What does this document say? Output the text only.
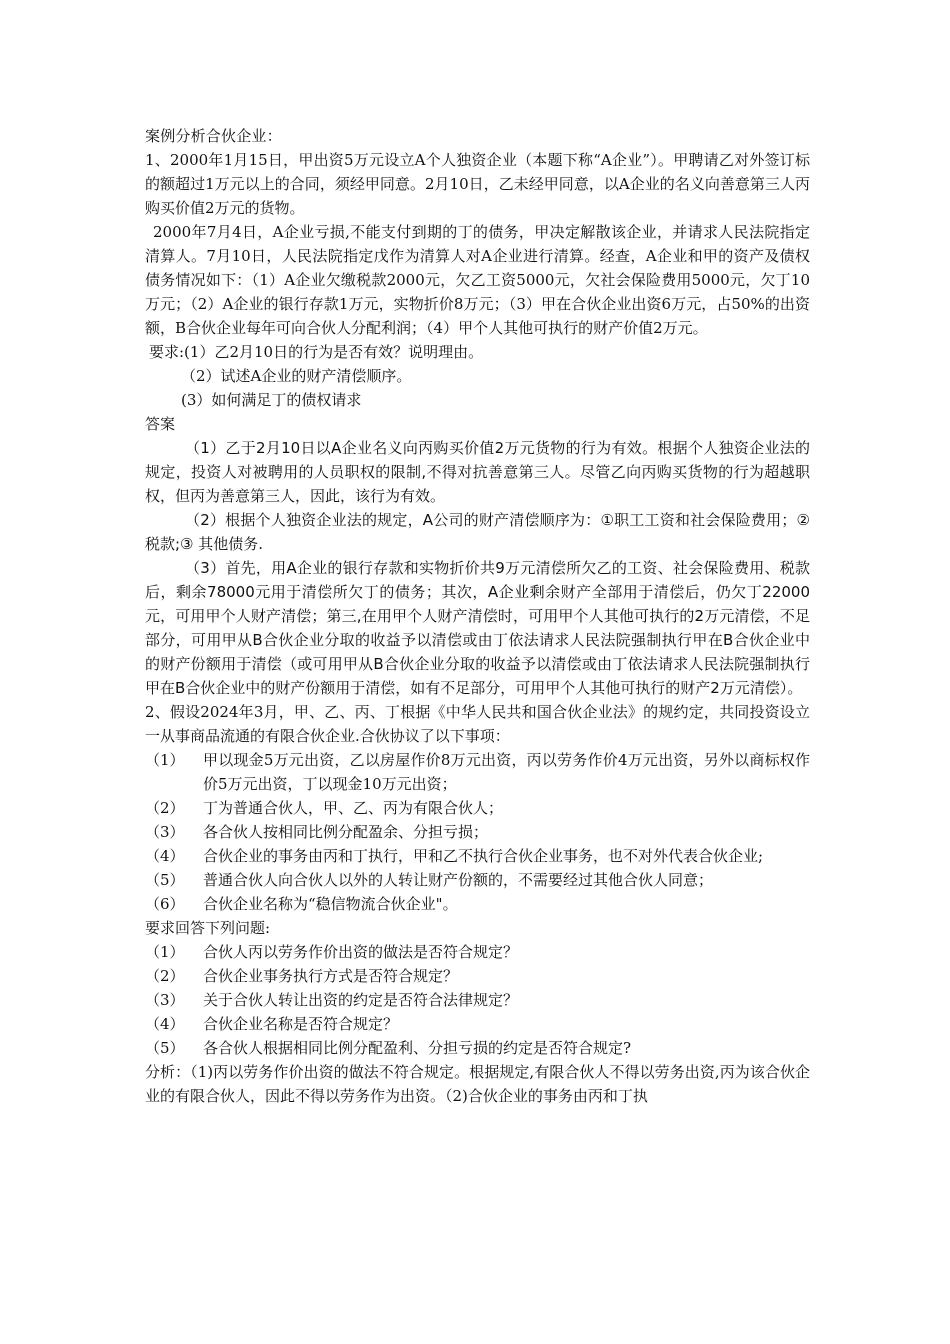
案例分析合伙企业：

1、2000年1月15日，甲出资5万元设立A个人独资企业（本题下称“A企业”）。甲聘请乙对外签订标的额超过1万元以上的合同，须经甲同意。2月10日，乙未经甲同意，以A企业的名义向善意第三人丙购买价值2万元的货物。

2000年7月4日，A企业亏损,不能支付到期的丁的债务，甲决定解散该企业，并请求人民法院指定清算人。7月10日，人民法院指定戊作为清算人对A企业进行清算。经查，A企业和甲的资产及债权债务情况如下：（1）A企业欠缴税款2000元，欠乙工资5000元，欠社会保险费用5000元，欠丁10万元；（2）A企业的银行存款1万元，实物折价8万元；（3）甲在合伙企业出资6万元，占50%的出资额，B合伙企业每年可向合伙人分配利润；（4）甲个人其他可执行的财产价值2万元。

要求:(1）乙2月10日的行为是否有效？说明理由。

（2）试述A企业的财产清偿顺序。

(3）如何满足丁的债权请求

答案

（1）乙于2月10日以A企业名义向丙购买价值2万元货物的行为有效。根据个人独资企业法的规定，投资人对被聘用的人员职权的限制,不得对抗善意第三人。尽管乙向丙购买货物的行为超越职权，但丙为善意第三人，因此，该行为有效。

（2）根据个人独资企业法的规定，A公司的财产清偿顺序为：①职工工资和社会保险费用；②税款;③ 其他债务.

（3）首先，用A企业的银行存款和实物折价共9万元清偿所欠乙的工资、社会保险费用、税款后，剩余78000元用于清偿所欠丁的债务；其次，A企业剩余财产全部用于清偿后，仍欠丁22000元，可用甲个人财产清偿；第三,在用甲个人财产清偿时，可用甲个人其他可执行的2万元清偿，不足部分，可用甲从B合伙企业分取的收益予以清偿或由丁依法请求人民法院强制执行甲在B合伙企业中的财产份额用于清偿（或可用甲从B合伙企业分取的收益予以清偿或由丁依法请求人民法院强制执行甲在B合伙企业中的财产份额用于清偿，如有不足部分，可用甲个人其他可执行的财产2万元清偿）。

2、假设2024年3月，甲、乙、丙、丁根据《中华人民共和国合伙企业法》的规约定，共同投资设立一从事商品流通的有限合伙企业.合伙协议了以下事项：

（1）	甲以现金5万元出资，乙以房屋作价8万元出资，丙以劳务作价4万元出资，另外以商标权作价5万元出资，丁以现金10万元出资；
（2）	丁为普通合伙人，甲、乙、丙为有限合伙人；
（3）	各合伙人按相同比例分配盈余、分担亏损；
（4）	合伙企业的事务由丙和丁执行，甲和乙不执行合伙企业事务，也不对外代表合伙企业;
（5）	普通合伙人向合伙人以外的人转让财产份额的，不需要经过其他合伙人同意；
（6）	合伙企业名称为“稳信物流合伙企业"。

要求回答下列问题:

（1）	合伙人丙以劳务作价出资的做法是否符合规定？
（2）	合伙企业事务执行方式是否符合规定？
（3）	关于合伙人转让出资的约定是否符合法律规定？
（4）	合伙企业名称是否符合规定？
（5）	各合伙人根据相同比例分配盈利、分担亏损的约定是否符合规定?

分析：（1)丙以劳务作价出资的做法不符合规定。根据规定,有限合伙人不得以劳务出资,丙为该合伙企业的有限合伙人，因此不得以劳务作为出资。（2)合伙企业的事务由丙和丁执
